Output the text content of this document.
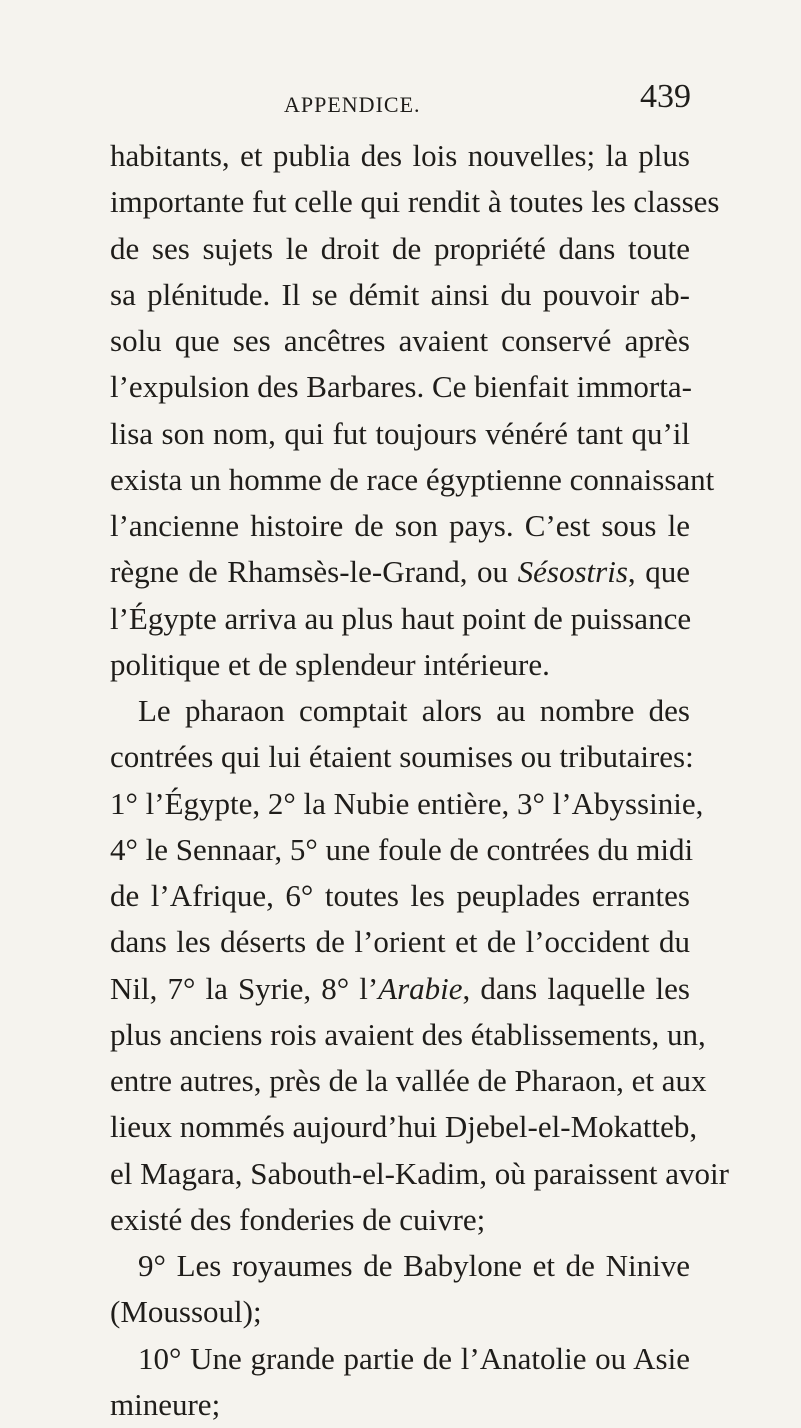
APPENDICE.	439
habitants, et publia des lois nouvelles; la plus
importante fut celle qui rendit à toutes les classes
de ses sujets le droit de propriété dans toute
sa plénitude. Il se démit ainsi du pouvoir ab-
solu que ses ancêtres avaient conservé après
l’expulsion des Barbares. Ce bienfait immorta-
lisa son nom, qui fut toujours vénéré tant qu’il
exista un homme de race égyptienne connaissant
l’ancienne histoire de son pays. C’est sous le
règne de Rhamsès-le-Grand, ou Sésostris, que
l’Égypte arriva au plus haut point de puissance
politique et de splendeur intérieure.
Le pharaon comptait alors au nombre des
contrées qui lui étaient soumises ou tributaires:
1° l’Égypte, 2° la Nubie entière, 3° l’Abyssinie,
4° le Sennaar, 5° une foule de contrées du midi
de l’Afrique, 6° toutes les peuplades errantes
dans les déserts de l’orient et de l’occident du
Nil, 7° la Syrie, 8° l’Arabie, dans laquelle les
plus anciens rois avaient des établissements, un,
entre autres, près de la vallée de Pharaon, et aux
lieux nommés aujourd’hui Djebel-el-Mokatteb,
el Magara, Sabouth-el-Kadim, où paraissent avoir
existé des fonderies de cuivre;
9° Les royaumes de Babylone et de Ninive
(Moussoul);
10° Une grande partie de l’Anatolie ou Asie
mineure;
